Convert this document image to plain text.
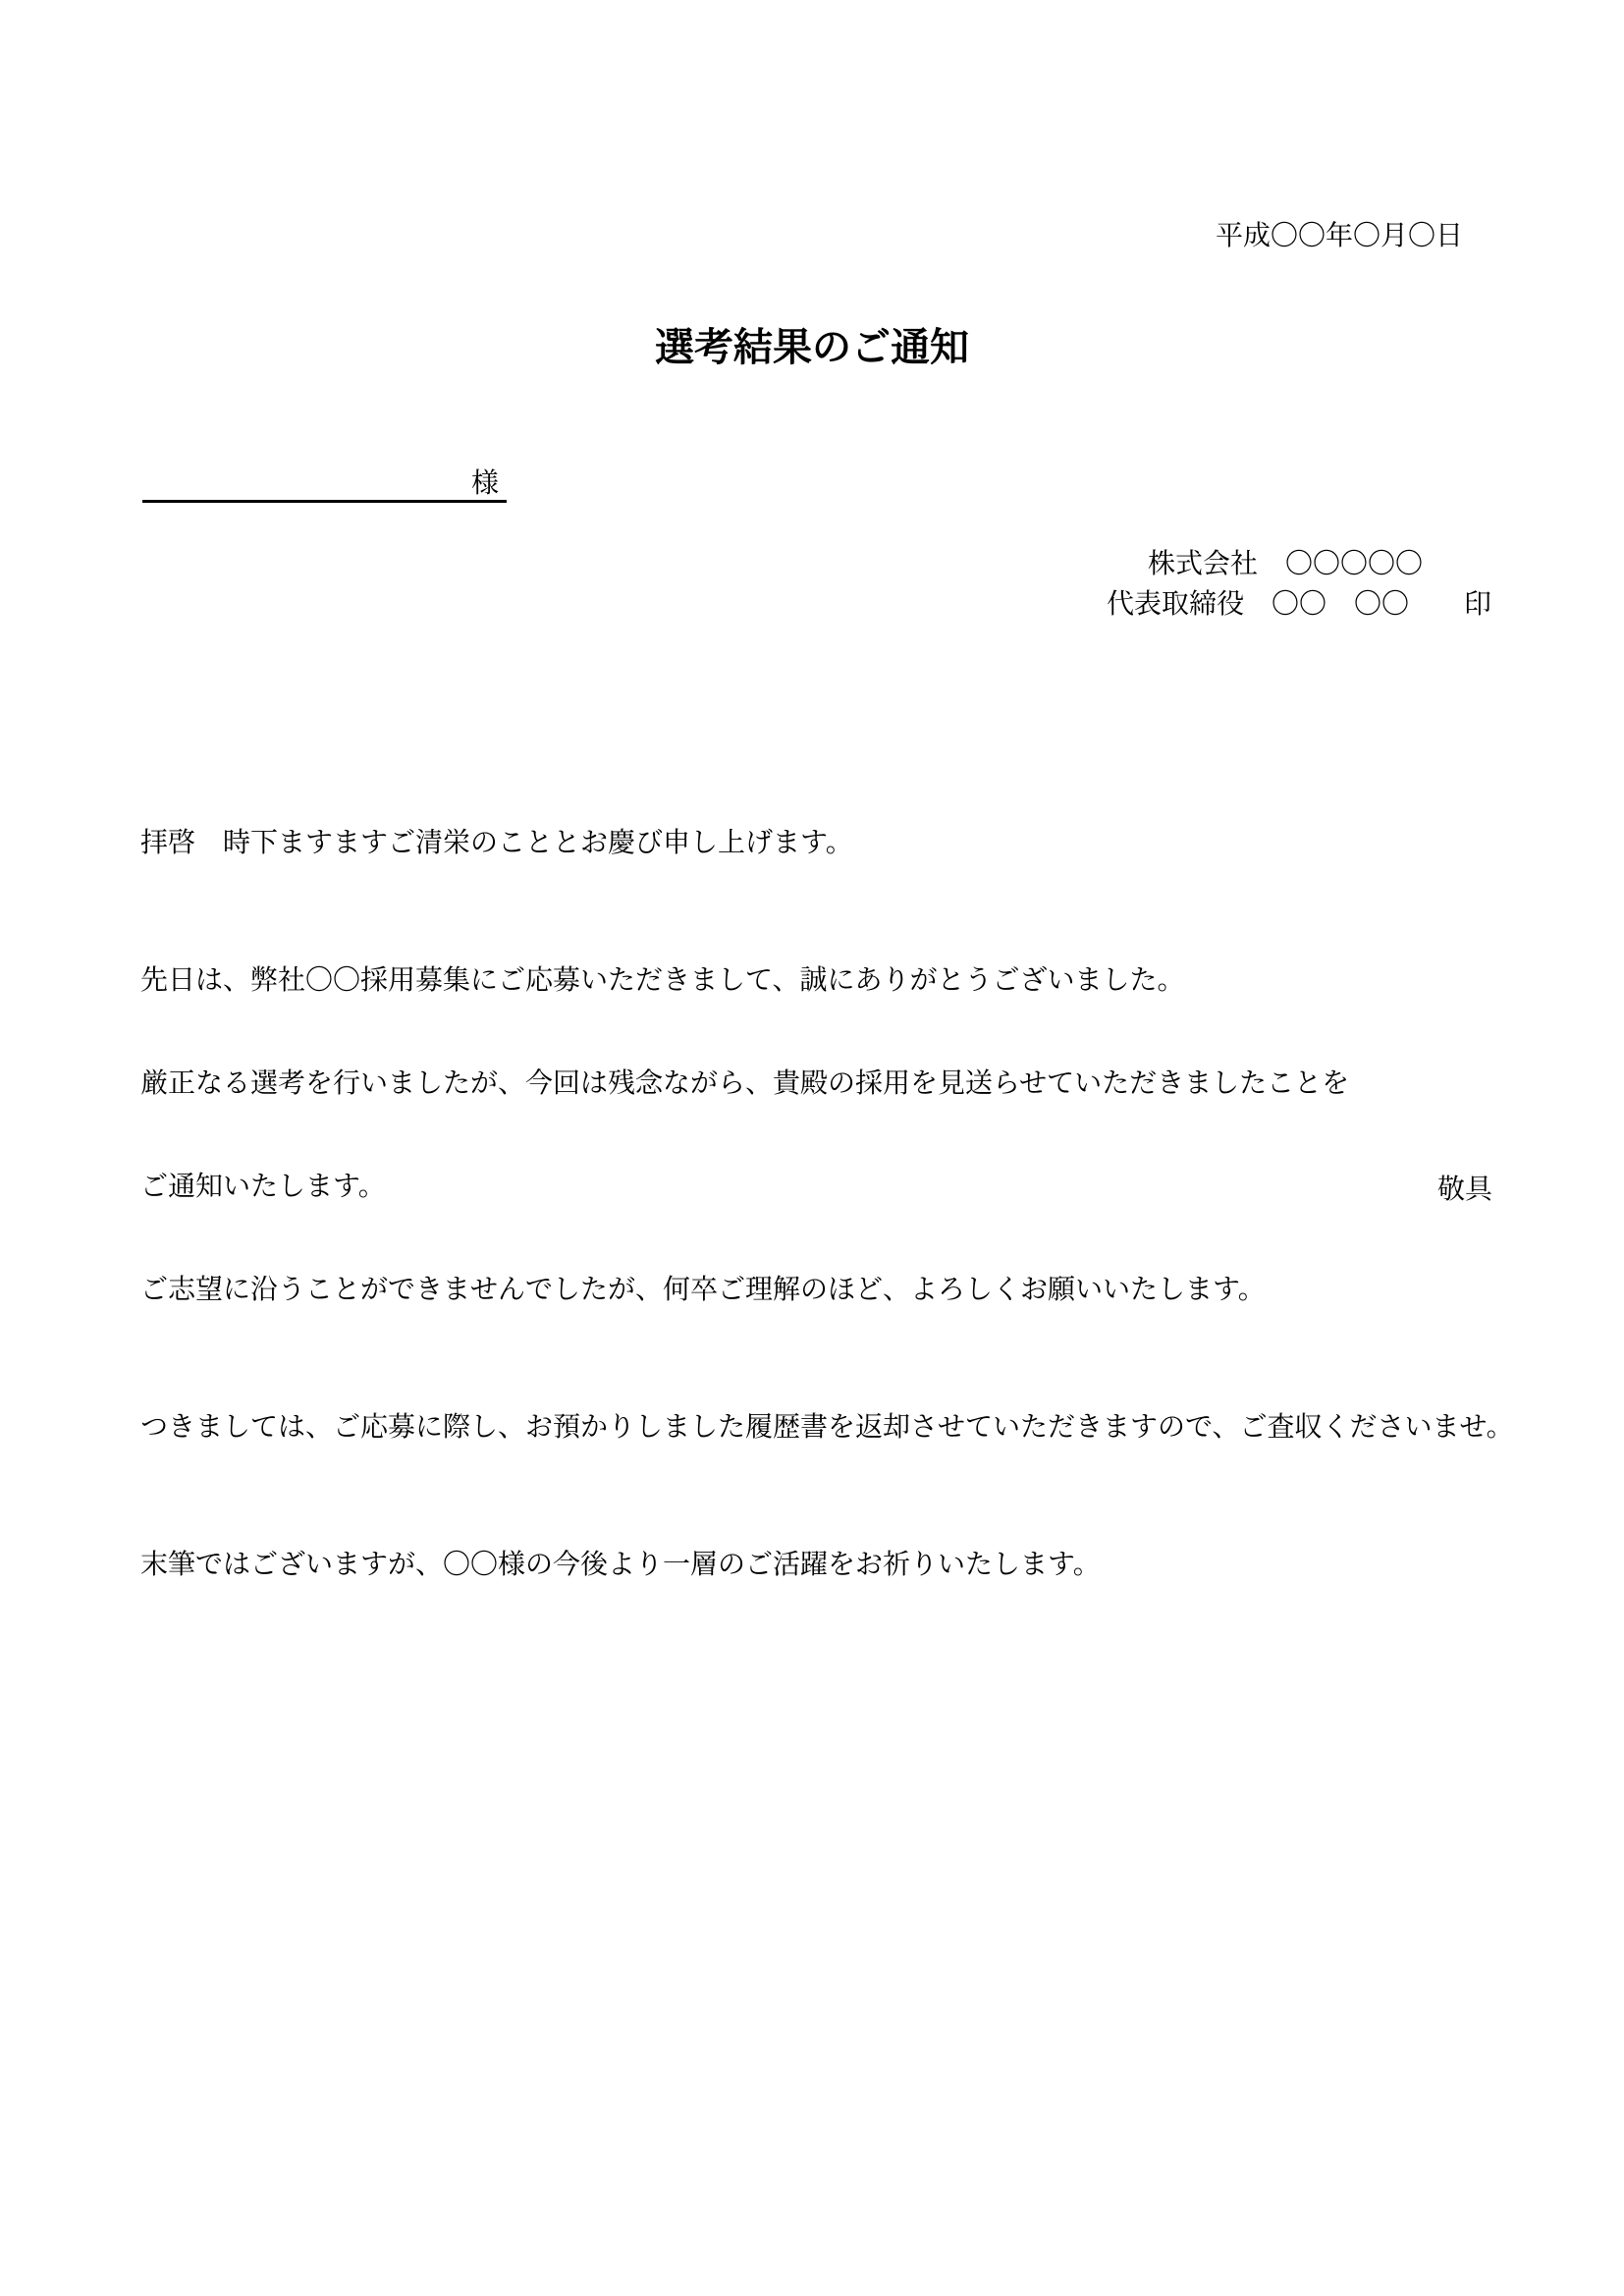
平成〇〇年〇月〇日
選考結果のご通知
様
株式会社　〇〇〇〇〇
代表取締役　〇〇　〇〇　　印

拝啓　時下ますますご清栄のこととお慶び申し上げます。

先日は、弊社〇〇採用募集にご応募いただきまして、誠にありがとうございました。

厳正なる選考を行いましたが、今回は残念ながら、貴殿の採用を見送らせていただきましたことを

ご通知いたします。

ご志望に沿うことができませんでしたが、何卒ご理解のほど、よろしくお願いいたします。

つきましては、ご応募に際し、お預かりしました履歴書を返却させていただきますので、ご査収くださいませ。

末筆ではございますが、〇〇様の今後より一層のご活躍をお祈りいたします。

敬具
